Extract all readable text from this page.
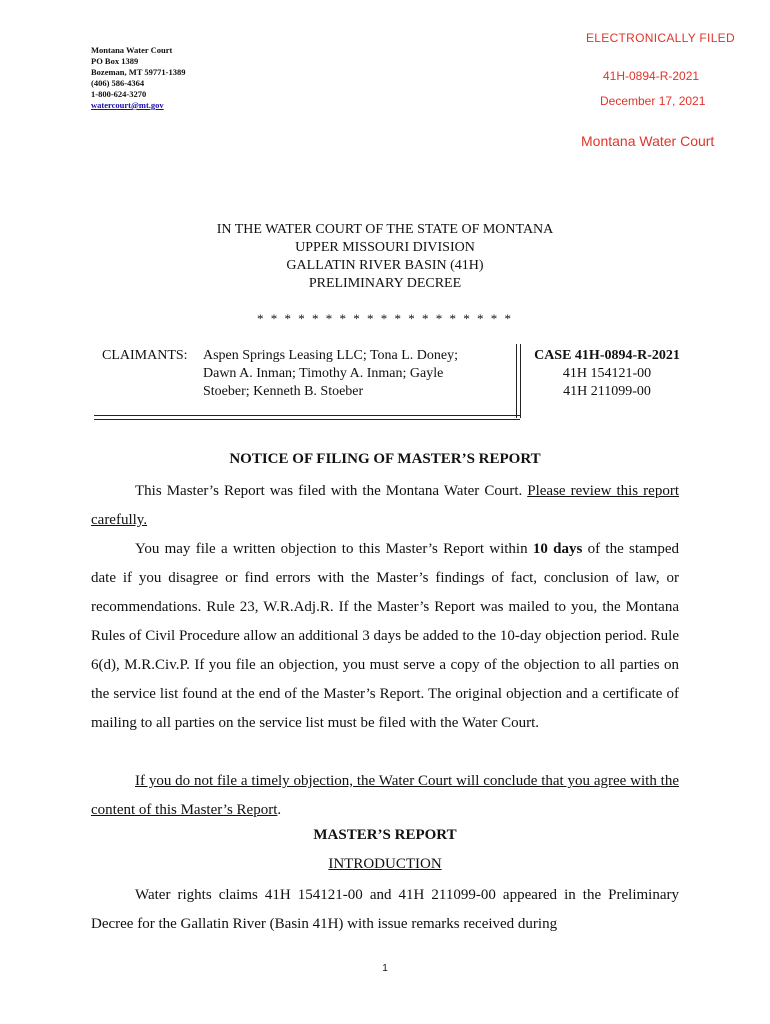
Montana Water Court
PO Box 1389
Bozeman, MT 59771-1389
(406) 586-4364
1-800-624-3270
watercourt@mt.gov
ELECTRONICALLY FILED
41H-0894-R-2021
December 17, 2021
Montana Water Court
IN THE WATER COURT OF THE STATE OF MONTANA
UPPER MISSOURI DIVISION
GALLATIN RIVER BASIN (41H)
PRELIMINARY DECREE
* * * * * * * * * * * * * * * * * * *
CLAIMANTS: Aspen Springs Leasing LLC; Tona L. Doney;
Dawn A. Inman; Timothy A. Inman; Gayle
Stoeber; Kenneth B. Stoeber
CASE 41H-0894-R-2021
41H 154121-00
41H 211099-00
NOTICE OF FILING OF MASTER’S REPORT

This Master’s Report was filed with the Montana Water Court. Please review this report carefully.

You may file a written objection to this Master’s Report within 10 days of the stamped date if you disagree or find errors with the Master’s findings of fact, conclusion of law, or recommendations. Rule 23, W.R.Adj.R. If the Master’s Report was mailed to you, the Montana Rules of Civil Procedure allow an additional 3 days be added to the 10-day objection period. Rule 6(d), M.R.Civ.P. If you file an objection, you must serve a copy of the objection to all parties on the service list found at the end of the Master’s Report. The original objection and a certificate of mailing to all parties on the service list must be filed with the Water Court.

If you do not file a timely objection, the Water Court will conclude that you agree with the content of this Master’s Report.

MASTER’S REPORT
INTRODUCTION

Water rights claims 41H 154121-00 and 41H 211099-00 appeared in the Preliminary Decree for the Gallatin River (Basin 41H) with issue remarks received during

1
